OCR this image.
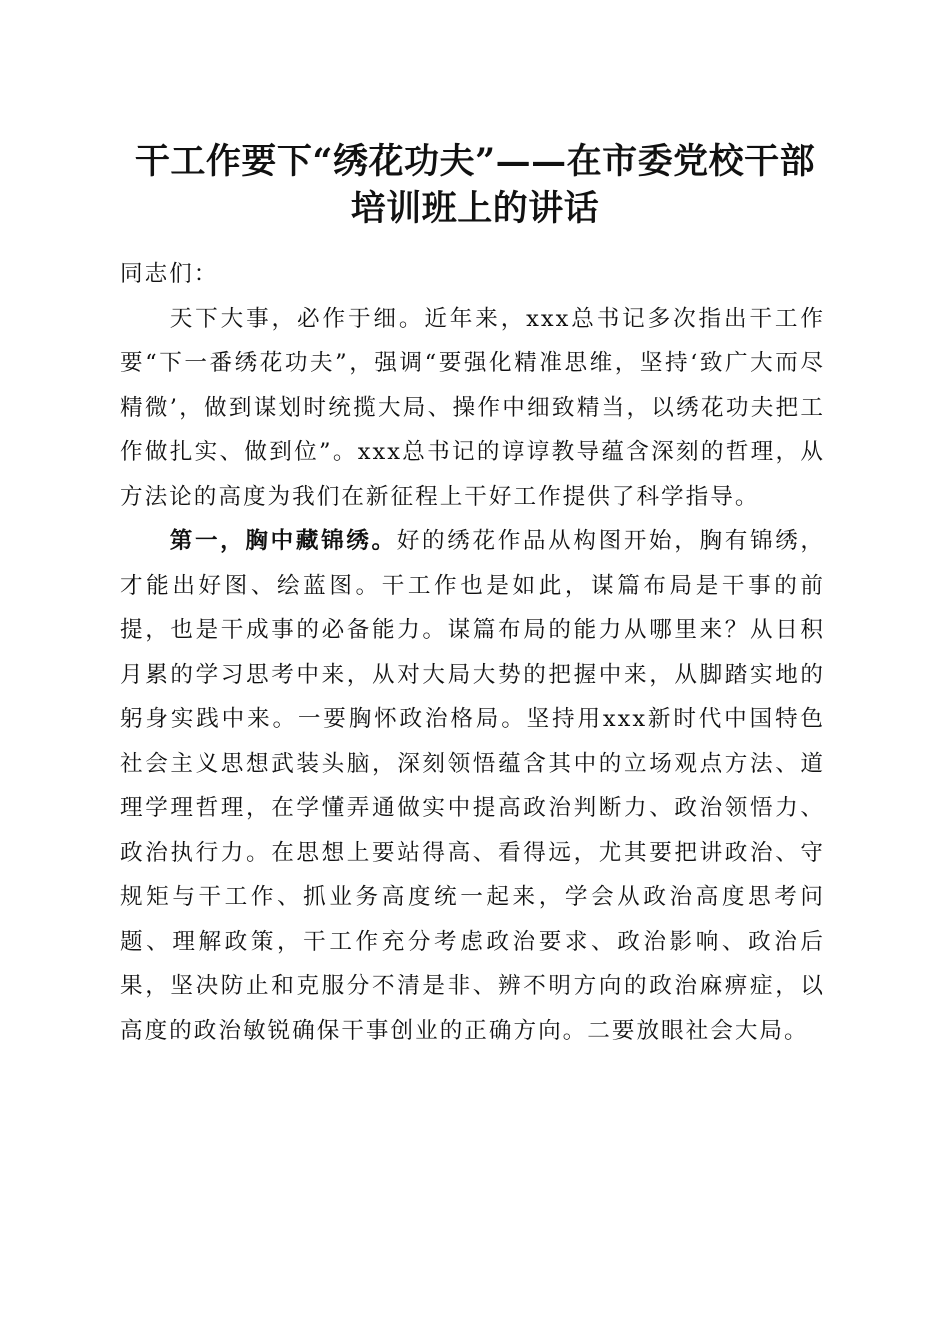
干工作要下“绣花功夫”——在市委党校干部
培训班上的讲话

同志们：

天下大事，必作于细。近年来，xxx总书记多次指出干工作要“下一番绣花功夫”，强调“要强化精准思维，坚持‘致广大而尽精微’，做到谋划时统揽大局、操作中细致精当，以绣花功夫把工作做扎实、做到位”。xxx总书记的谆谆教导蕴含深刻的哲理，从方法论的高度为我们在新征程上干好工作提供了科学指导。

第一，胸中藏锦绣。好的绣花作品从构图开始，胸有锦绣，才能出好图、绘蓝图。干工作也是如此，谋篇布局是干事的前提，也是干成事的必备能力。谋篇布局的能力从哪里来？从日积月累的学习思考中来，从对大局大势的把握中来，从脚踏实地的躬身实践中来。一要胸怀政治格局。坚持用xxx新时代中国特色社会主义思想武装头脑，深刻领悟蕴含其中的立场观点方法、道理学理哲理，在学懂弄通做实中提高政治判断力、政治领悟力、政治执行力。在思想上要站得高、看得远，尤其要把讲政治、守规矩与干工作、抓业务高度统一起来，学会从政治高度思考问题、理解政策，干工作充分考虑政治要求、政治影响、政治后果，坚决防止和克服分不清是非、辨不明方向的政治麻痹症，以高度的政治敏锐确保干事创业的正确方向。二要放眼社会大局。
